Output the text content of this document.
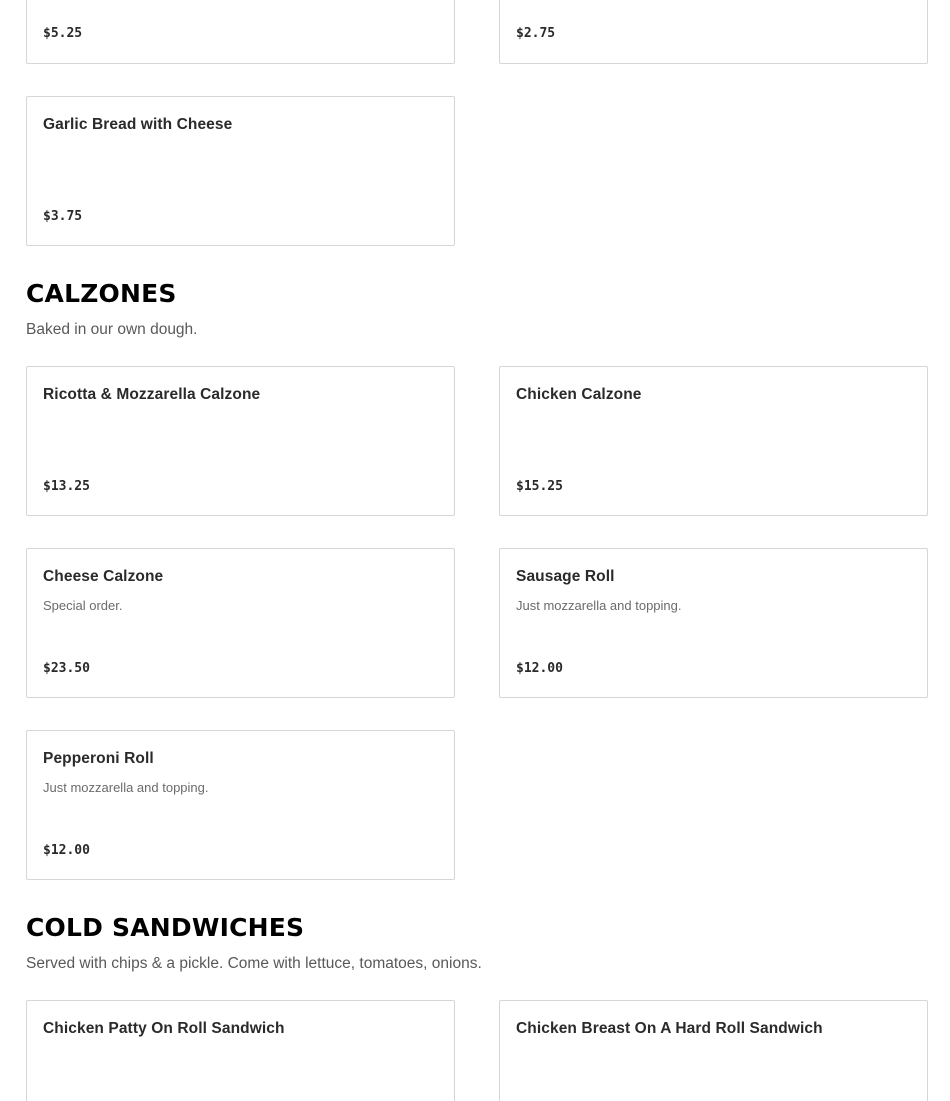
$5.25	$2.75
Garlic Bread with Cheese
$3.75
CALZONES

Baked in our own dough.

Ricotta & Mozzarella Calzone
$13.25
Chicken Calzone
$15.25
Cheese Calzone
Special order.
$23.50
Sausage Roll
Just mozzarella and topping.
$12.00
Pepperoni Roll
Just mozzarella and topping.
$12.00
COLD SANDWICHES

Served with chips & a pickle. Come with lettuce, tomatoes, onions.

Chicken Patty On Roll Sandwich	Chicken Breast On A Hard Roll Sandwich
